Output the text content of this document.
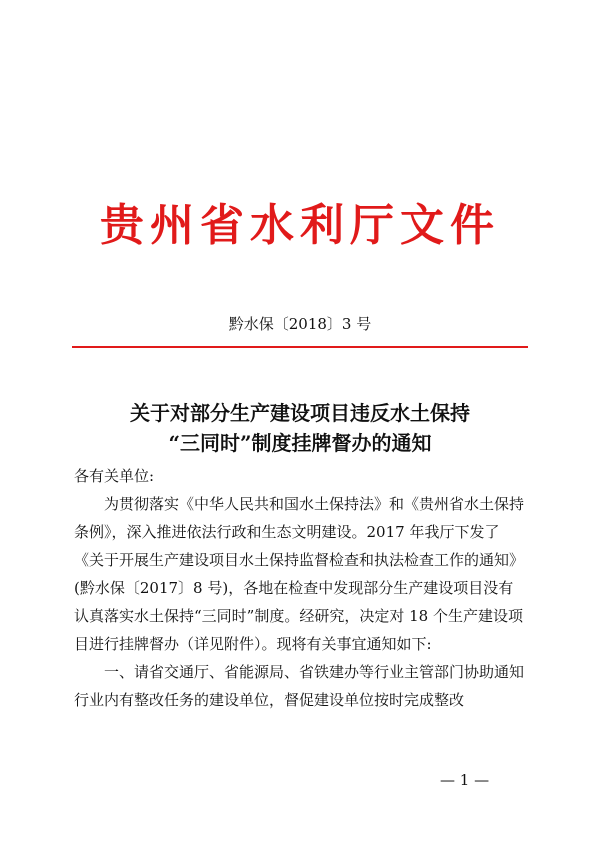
贵州省水利厅文件
黔水保〔2018〕3 号
关于对部分生产建设项目违反水土保持
“三同时”制度挂牌督办的通知

各有关单位:

为贯彻落实《中华人民共和国水土保持法》和《贵州省水土保持条例》，深入推进依法行政和生态文明建设。2017 年我厅下发了《关于开展生产建设项目水土保持监督检查和执法检查工作的通知》(黔水保〔2017〕8 号)，各地在检查中发现部分生产建设项目没有认真落实水土保持“三同时”制度。经研究，决定对 18 个生产建设项目进行挂牌督办（详见附件）。现将有关事宜通知如下:

一、请省交通厅、省能源局、省铁建办等行业主管部门协助通知行业内有整改任务的建设单位，督促建设单位按时完成整改

— 1 —
